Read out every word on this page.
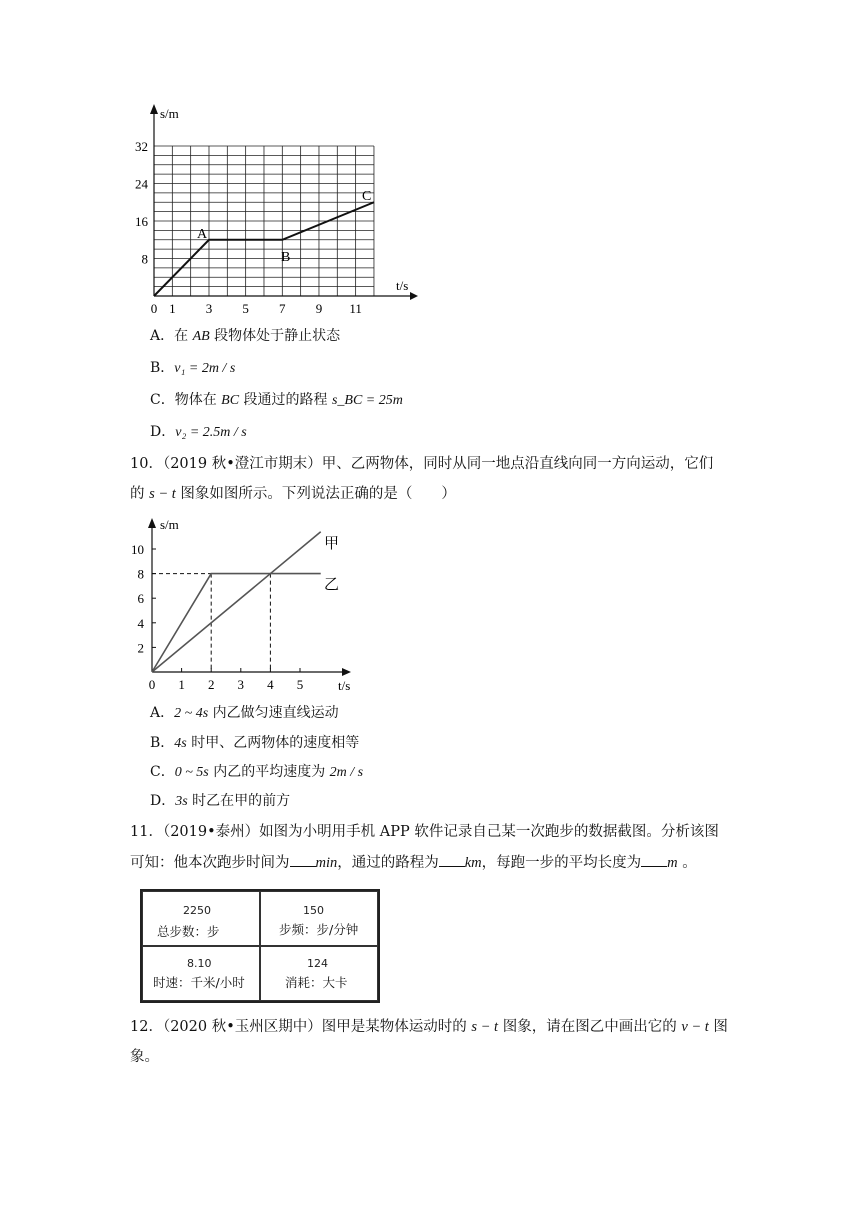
s/m
t/s
32
24
16
8
0 1 3 5 7 9 11
A
B
C
A．在 AB 段物体处于静止状态
B．v₁ = 2m / s
C．物体在 BC 段通过的路程 s_BC = 25m
D．v₂ = 2.5m / s
10．（2019 秋•澄江市期末）甲、乙两物体，同时从同一地点沿直线向同一方向运动，它们
的 s − t 图象如图所示。下列说法正确的是（　　）
s/m
t/s
10
8
6
4
2
0 1 2 3 4 5
甲
乙
A．2 ~ 4s 内乙做匀速直线运动
B．4s 时甲、乙两物体的速度相等
C．0 ~ 5s 内乙的平均速度为 2m / s
D．3s 时乙在甲的前方
11．（2019•泰州）如图为小明用手机 APP 软件记录自己某一次跑步的数据截图。分析该图
可知：他本次跑步时间为 min，通过的路程为 km，每跑一步的平均长度为 m 。
2250
总步数：步
150
步频：步/分钟
8.10
时速：千米/小时
124
消耗：大卡
12．（2020 秋•玉州区期中）图甲是某物体运动时的 s − t 图象，请在图乙中画出它的 v − t 图
象。
